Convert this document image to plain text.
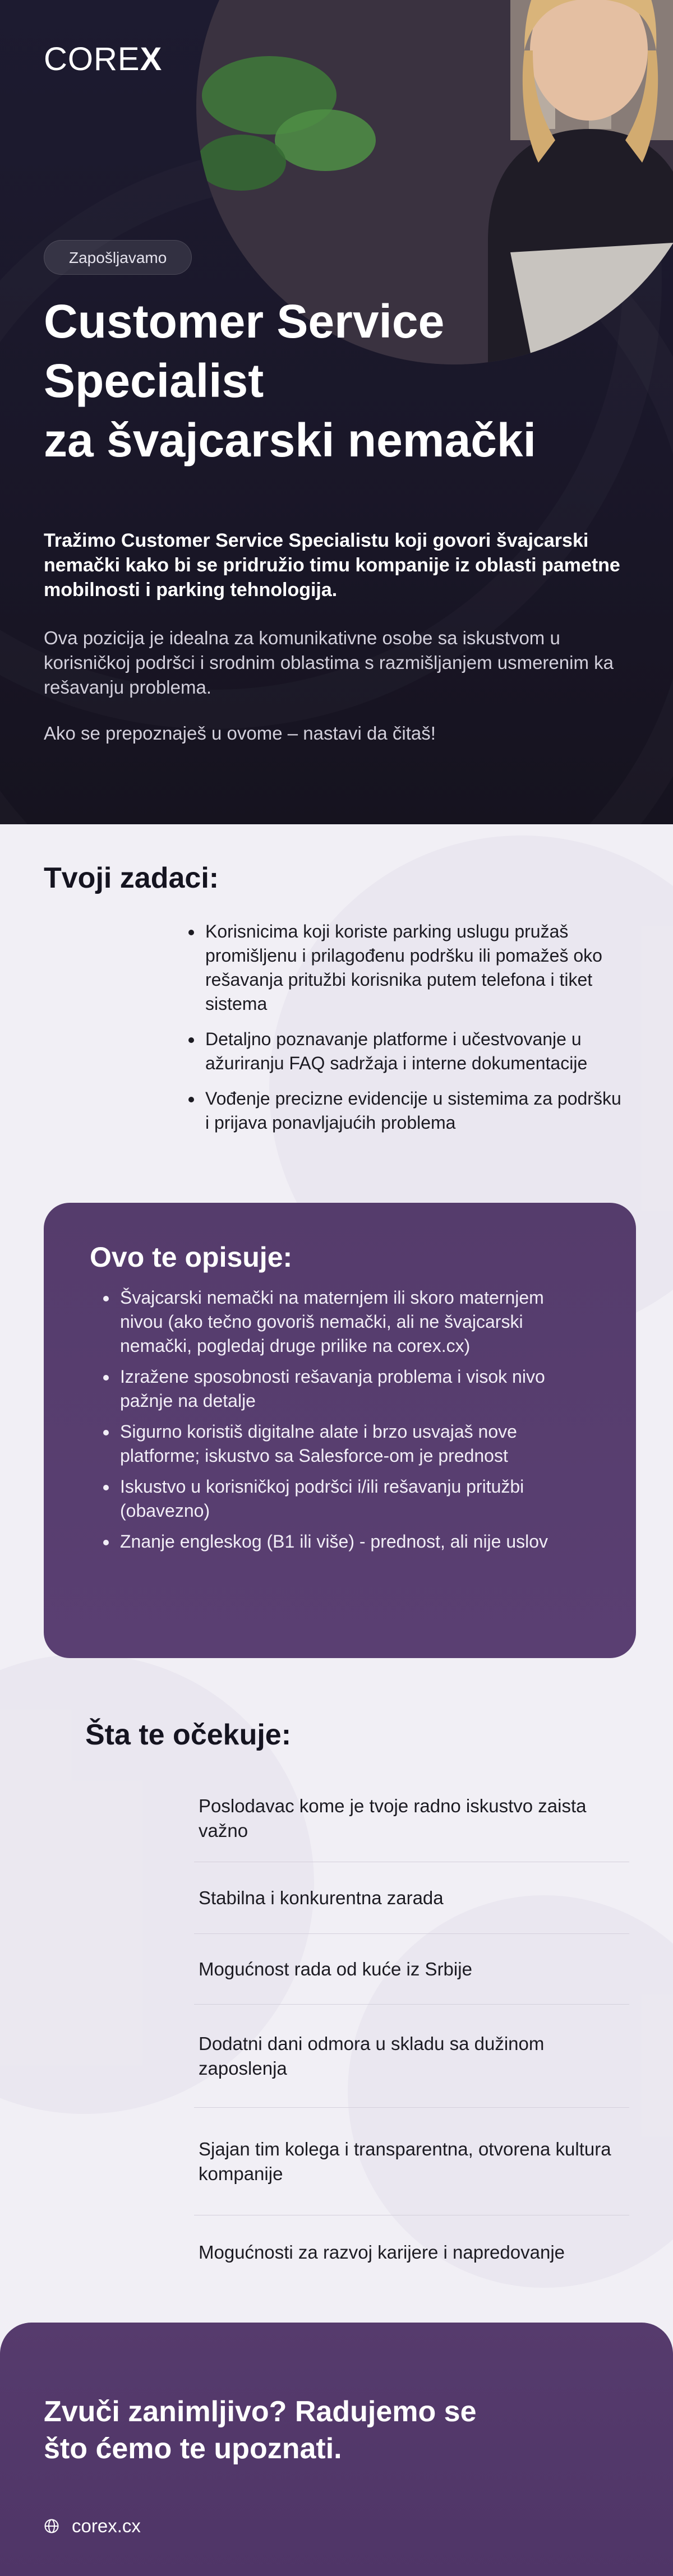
COREX
Zapošljavamo
Customer Service
Specialist
za švajcarski nemački

Tražimo Customer Service Specialistu koji govori švajcarski nemački kako bi se pridružio timu kompanije iz oblasti pametne mobilnosti i parking tehnologija.

Ova pozicija je idealna za komunikativne osobe sa iskustvom u korisničkoj podršci i srodnim oblastima s razmišljanjem usmerenim ka rešavanju problema.

Ako se prepoznaješ u ovome – nastavi da čitaš!

Tvoji zadaci:
• Korisnicima koji koriste parking uslugu pružaš promišljenu i prilagođenu podršku ili pomažeš oko rešavanja pritužbi korisnika putem telefona i tiket sistema
• Detaljno poznavanje platforme i učestvovanje u ažuriranju FAQ sadržaja i interne dokumentacije
• Vođenje precizne evidencije u sistemima za podršku i prijava ponavljajućih problema
Ovo te opisuje:
• Švajcarski nemački na maternjem ili skoro maternjem nivou (ako tečno govoriš nemački, ali ne švajcarski nemački, pogledaj druge prilike na corex.cx)
• Izražene sposobnosti rešavanja problema i visok nivo pažnje na detalje
• Sigurno koristiš digitalne alate i brzo usvajaš nove platforme; iskustvo sa Salesforce-om je prednost
• Iskustvo u korisničkoj podršci i/ili rešavanju pritužbi (obavezno)
• Znanje engleskog (B1 ili više) - prednost, ali nije uslov
Šta te očekuje:
Poslodavac kome je tvoje radno iskustvo zaista važno
Stabilna i konkurentna zarada
Mogućnost rada od kuće iz Srbije
Dodatni dani odmora u skladu sa dužinom zaposlenja
Sjajan tim kolega i transparentna, otvorena kultura kompanije
Mogućnosti za razvoj karijere i napredovanje
Zvuči zanimljivo? Radujemo se
što ćemo te upoznati.
corex.cx
